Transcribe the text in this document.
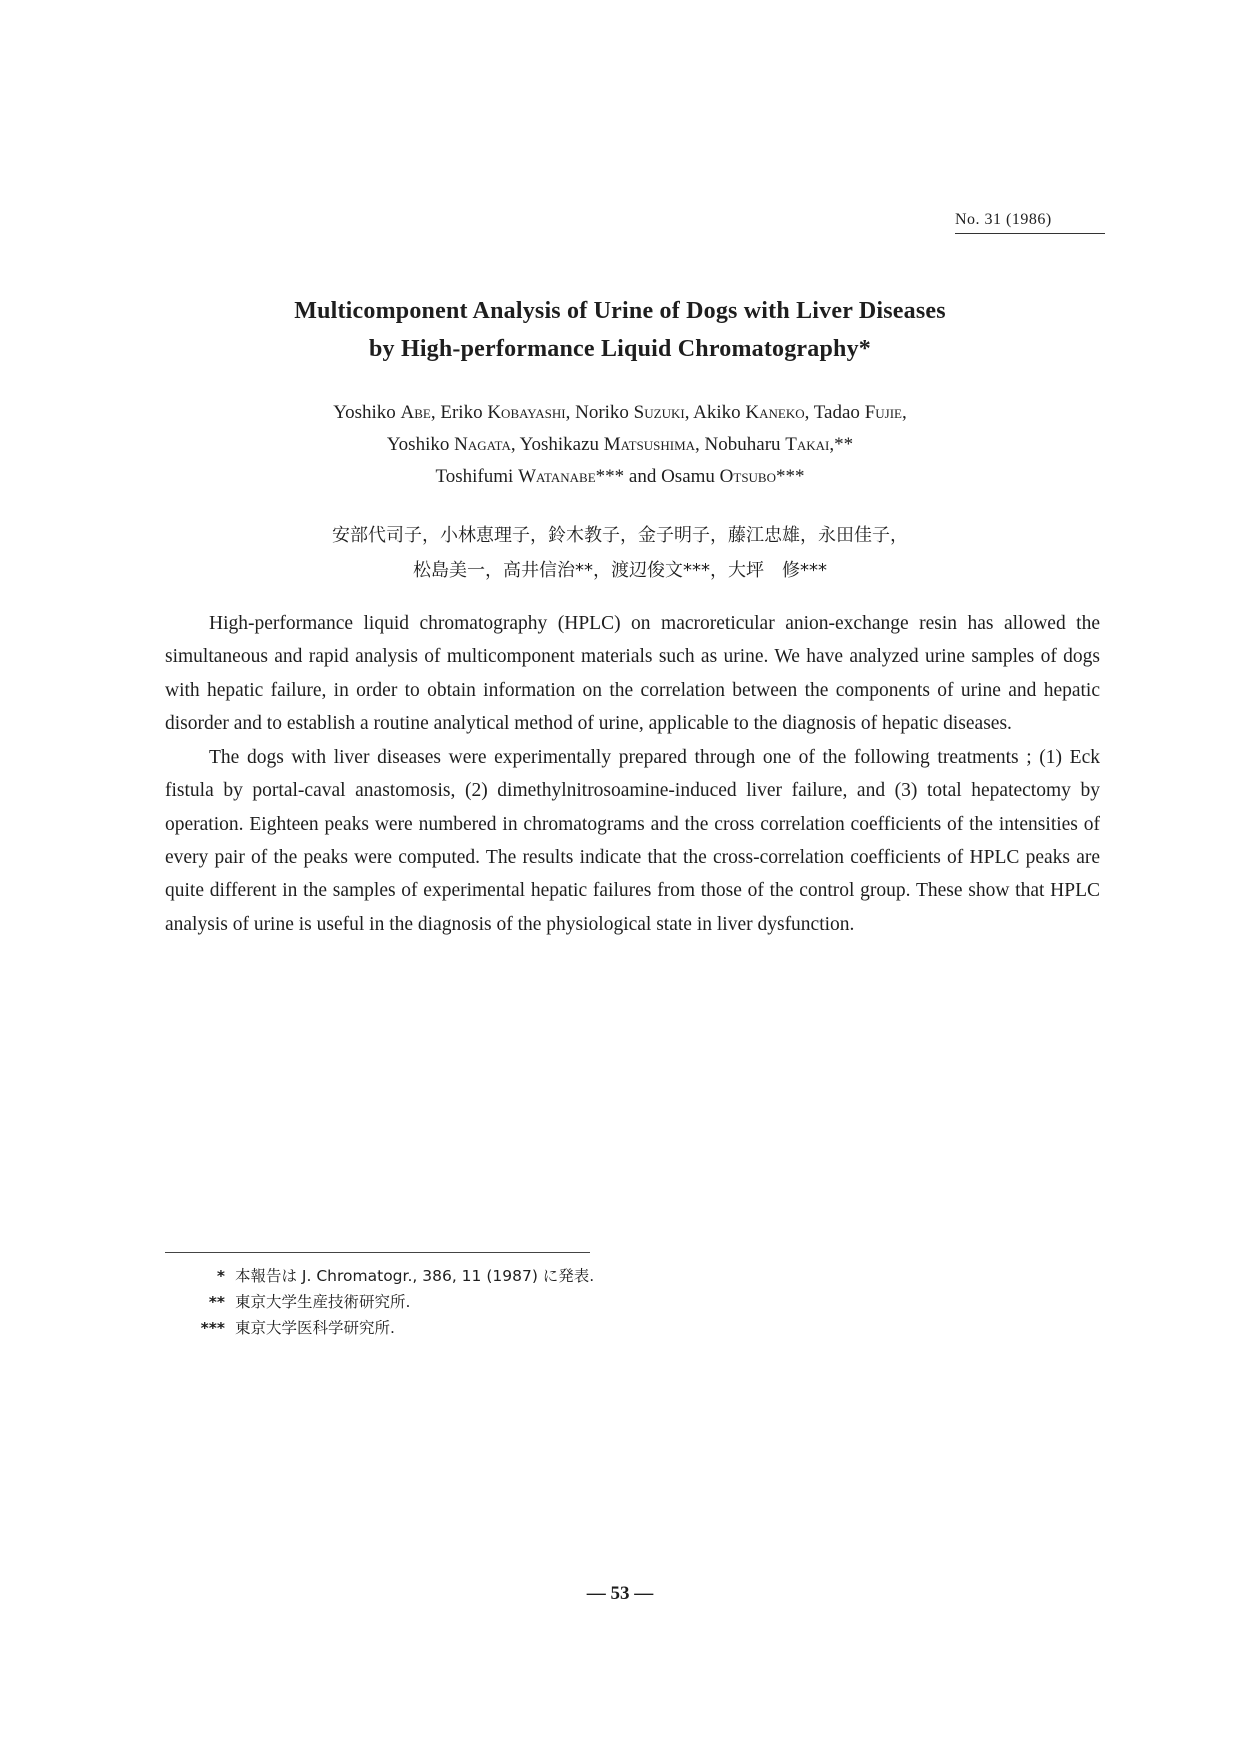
No. 31 (1986)
Multicomponent Analysis of Urine of Dogs with Liver Diseases
by High-performance Liquid Chromatography*
Yoshiko Abe, Eriko Kobayashi, Noriko Suzuki, Akiko Kaneko, Tadao Fujie,
Yoshiko Nagata, Yoshikazu Matsushima, Nobuharu Takai,**
Toshifumi Watanabe*** and Osamu Otsubo***
安部代司子，小林恵理子，鈴木教子，金子明子，藤江忠雄，永田佳子，
松島美一，高井信治**，渡辺俊文***，大坪　修***

High-performance liquid chromatography (HPLC) on macroreticular anion-exchange resin has allowed the simultaneous and rapid analysis of multicomponent materials such as urine. We have analyzed urine samples of dogs with hepatic failure, in order to obtain information on the correlation between the components of urine and hepatic disorder and to establish a routine analytical method of urine, applicable to the diagnosis of hepatic diseases.

The dogs with liver diseases were experimentally prepared through one of the following treatments ; (1) Eck fistula by portal-caval anastomosis, (2) dimethylnitrosoamine-induced liver failure, and (3) total hepatectomy by operation. Eighteen peaks were numbered in chromatograms and the cross correlation coefficients of the intensities of every pair of the peaks were computed. The results indicate that the cross-correlation coefficients of HPLC peaks are quite different in the samples of experimental hepatic failures from those of the control group. These show that HPLC analysis of urine is useful in the diagnosis of the physiological state in liver dysfunction.

* 本報告は J. Chromatogr., 386, 11 (1987) に発表.
** 東京大学生産技術研究所.
*** 東京大学医科学研究所.
— 53 —
